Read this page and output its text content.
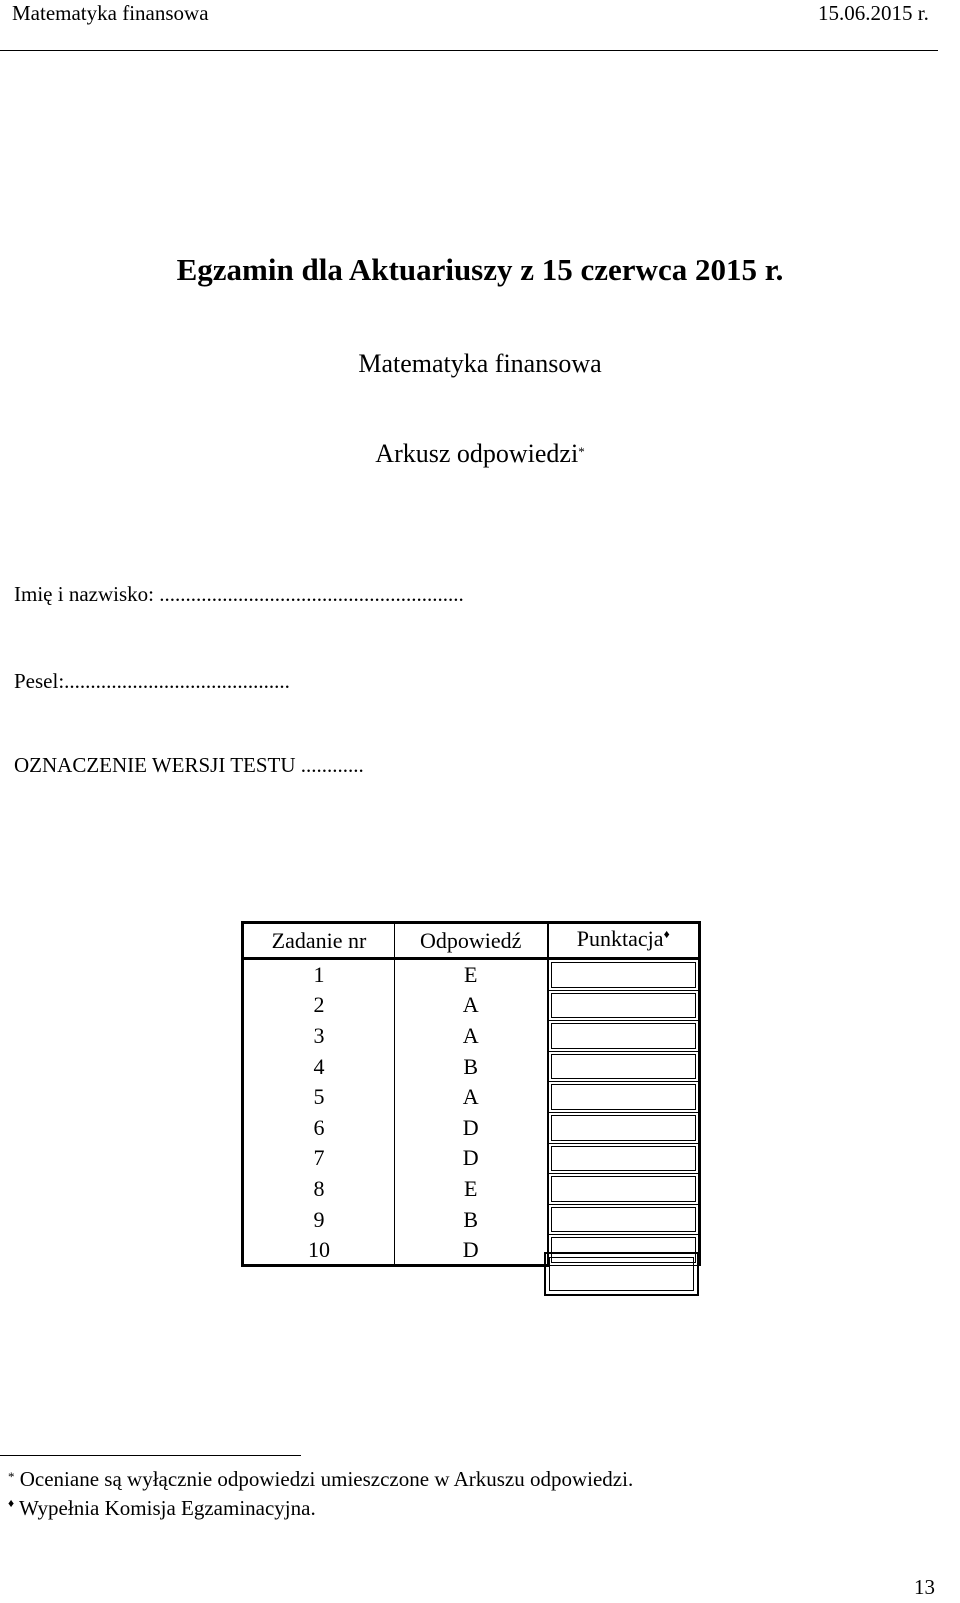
Matematyka finansowa	15.06.2015 r.
Egzamin dla Aktuariuszy z 15 czerwca 2015 r.
Matematyka finansowa
Arkusz odpowiedzi*
Imię i nazwisko: ..........................................................
Pesel:...........................................
OZNACZENIE WERSJI TESTU ............
Zadanie nr	Odpowiedź	Punktacja♦
1	E	
2	A	
3	A	
4	B	
5	A	
6	D	
7	D	
8	E	
9	B	
10	D	
* Oceniane są wyłącznie odpowiedzi umieszczone w Arkuszu odpowiedzi.
♦ Wypełnia Komisja Egzaminacyjna.
13
